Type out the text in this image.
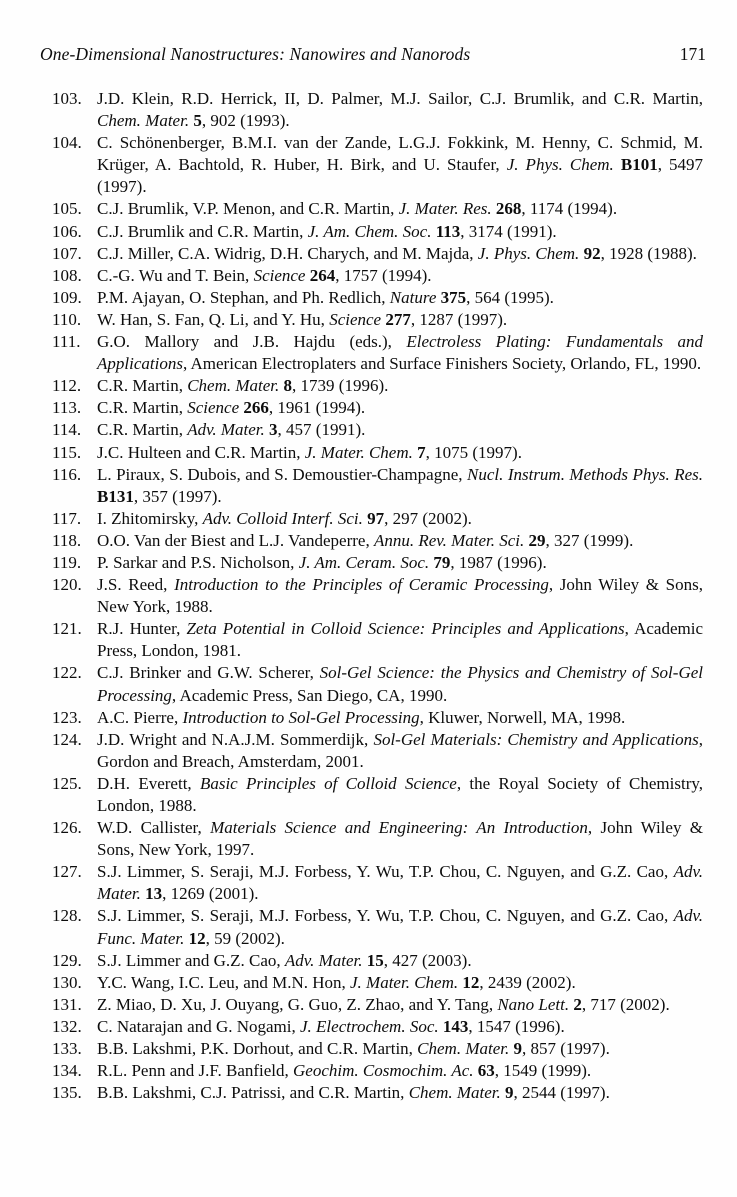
One-Dimensional Nanostructures: Nanowires and Nanorods	171
103. J.D. Klein, R.D. Herrick, II, D. Palmer, M.J. Sailor, C.J. Brumlik, and C.R. Martin, Chem. Mater. 5, 902 (1993).
104. C. Schönenberger, B.M.I. van der Zande, L.G.J. Fokkink, M. Henny, C. Schmid, M. Krüger, A. Bachtold, R. Huber, H. Birk, and U. Staufer, J. Phys. Chem. B101, 5497 (1997).
105. C.J. Brumlik, V.P. Menon, and C.R. Martin, J. Mater. Res. 268, 1174 (1994).
106. C.J. Brumlik and C.R. Martin, J. Am. Chem. Soc. 113, 3174 (1991).
107. C.J. Miller, C.A. Widrig, D.H. Charych, and M. Majda, J. Phys. Chem. 92, 1928 (1988).
108. C.-G. Wu and T. Bein, Science 264, 1757 (1994).
109. P.M. Ajayan, O. Stephan, and Ph. Redlich, Nature 375, 564 (1995).
110. W. Han, S. Fan, Q. Li, and Y. Hu, Science 277, 1287 (1997).
111. G.O. Mallory and J.B. Hajdu (eds.), Electroless Plating: Fundamentals and Applications, American Electroplaters and Surface Finishers Society, Orlando, FL, 1990.
112. C.R. Martin, Chem. Mater. 8, 1739 (1996).
113. C.R. Martin, Science 266, 1961 (1994).
114. C.R. Martin, Adv. Mater. 3, 457 (1991).
115. J.C. Hulteen and C.R. Martin, J. Mater. Chem. 7, 1075 (1997).
116. L. Piraux, S. Dubois, and S. Demoustier-Champagne, Nucl. Instrum. Methods Phys. Res. B131, 357 (1997).
117. I. Zhitomirsky, Adv. Colloid Interf. Sci. 97, 297 (2002).
118. O.O. Van der Biest and L.J. Vandeperre, Annu. Rev. Mater. Sci. 29, 327 (1999).
119. P. Sarkar and P.S. Nicholson, J. Am. Ceram. Soc. 79, 1987 (1996).
120. J.S. Reed, Introduction to the Principles of Ceramic Processing, John Wiley & Sons, New York, 1988.
121. R.J. Hunter, Zeta Potential in Colloid Science: Principles and Applications, Academic Press, London, 1981.
122. C.J. Brinker and G.W. Scherer, Sol-Gel Science: the Physics and Chemistry of Sol-Gel Processing, Academic Press, San Diego, CA, 1990.
123. A.C. Pierre, Introduction to Sol-Gel Processing, Kluwer, Norwell, MA, 1998.
124. J.D. Wright and N.A.J.M. Sommerdijk, Sol-Gel Materials: Chemistry and Applications, Gordon and Breach, Amsterdam, 2001.
125. D.H. Everett, Basic Principles of Colloid Science, the Royal Society of Chemistry, London, 1988.
126. W.D. Callister, Materials Science and Engineering: An Introduction, John Wiley & Sons, New York, 1997.
127. S.J. Limmer, S. Seraji, M.J. Forbess, Y. Wu, T.P. Chou, C. Nguyen, and G.Z. Cao, Adv. Mater. 13, 1269 (2001).
128. S.J. Limmer, S. Seraji, M.J. Forbess, Y. Wu, T.P. Chou, C. Nguyen, and G.Z. Cao, Adv. Func. Mater. 12, 59 (2002).
129. S.J. Limmer and G.Z. Cao, Adv. Mater. 15, 427 (2003).
130. Y.C. Wang, I.C. Leu, and M.N. Hon, J. Mater. Chem. 12, 2439 (2002).
131. Z. Miao, D. Xu, J. Ouyang, G. Guo, Z. Zhao, and Y. Tang, Nano Lett. 2, 717 (2002).
132. C. Natarajan and G. Nogami, J. Electrochem. Soc. 143, 1547 (1996).
133. B.B. Lakshmi, P.K. Dorhout, and C.R. Martin, Chem. Mater. 9, 857 (1997).
134. R.L. Penn and J.F. Banfield, Geochim. Cosmochim. Ac. 63, 1549 (1999).
135. B.B. Lakshmi, C.J. Patrissi, and C.R. Martin, Chem. Mater. 9, 2544 (1997).
